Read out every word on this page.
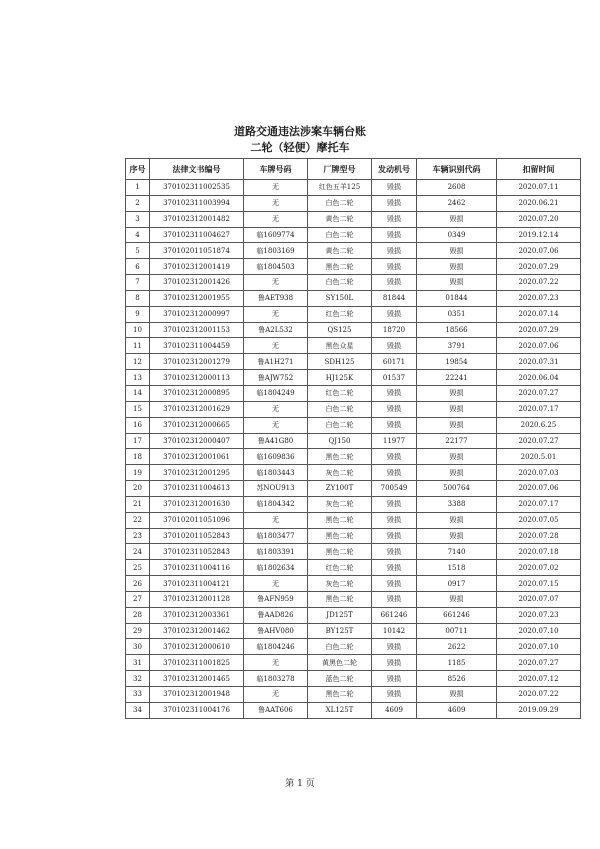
道路交通违法涉案车辆台账
二轮（轻便）摩托车
序号	法律文书编号	车牌号码	厂牌型号	发动机号	车辆识别代码	扣留时间
1	370102311002535	无	红色五羊125	毁损	2608	2020.07.11
2	370102311003994	无	白色二轮	毁损	2462	2020.06.21
3	370102312001482	无	黄色二轮	毁损	毁损	2020.07.20
4	370102311004627	临1609774	白色二轮	毁损	0349	2019.12.14
5	370102011051874	临1803169	黄色二轮	毁损	毁损	2020.07.06
6	370102312001419	临1804503	黑色二轮	毁损	毁损	2020.07.29
7	370102312001426	无	白色二轮	毁损	毁损	2020.07.22
8	370102312001955	鲁AET938	SY150L	81844	01844	2020.07.23
9	370102312000997	无	红色二轮	毁损	0351	2020.07.14
10	370102312001153	鲁A2L532	QS125	18720	18566	2020.07.29
11	370102311004459	无	黑色众星	毁损	3791	2020.07.06
12	370102312001279	鲁A1H271	SDH125	60171	19854	2020.07.31
13	370102312000113	鲁AJW752	HJ125K	01537	22241	2020.06.04
14	370102312000895	临1804249	红色二轮	毁损	毁损	2020.07.27
15	370102312001629	无	白色二轮	毁损	毁损	2020.07.17
16	370102312000665	无	白色二轮	毁损	毁损	2020.6.25
17	370102312000407	鲁A41G80	QJ150	11977	22177	2020.07.27
18	370102312001061	临1609836	黑色二轮	毁损	毁损	2020.5.01
19	370102312001295	临1803443	灰色二轮	毁损	毁损	2020.07.03
20	370102311004613	苏NOU913	ZY100T	700549	500764	2020.07.06
21	370102312001630	临1804342	灰色二轮	毁损	3388	2020.07.17
22	370102011051096	无	黑色二轮	毁损	毁损	2020.07.05
23	370102011052843	临1803477	黑色二轮	毁损	毁损	2020.07.28
24	370102311052843	临1803391	黑色二轮	毁损	7140	2020.07.18
25	370102311004116	临1802634	红色二轮	毁损	1518	2020.07.02
26	370102311004121	无	灰色二轮	毁损	0917	2020.07.15
27	370102312001128	鲁AFN959	黑色二轮	毁损	毁损	2020.07.07
28	370102312003361	鲁AAD826	JD125T	661246	661246	2020.07.23
29	370102312001462	鲁AHV080	BY125T	10142	00711	2020.07.10
30	370102312000610	临1804246	白色二轮	毁损	2622	2020.07.10
31	370102311001825	无	黄黑色二轮	毁损	1185	2020.07.27
32	370102312001465	临1803278	蓝色二轮	毁损	8526	2020.07.12
33	370102312001948	无	黑色二轮	毁损	毁损	2020.07.22
34	370102311004176	鲁AAT606	XL125T	4609	4609	2019.09.29
第 1 页
